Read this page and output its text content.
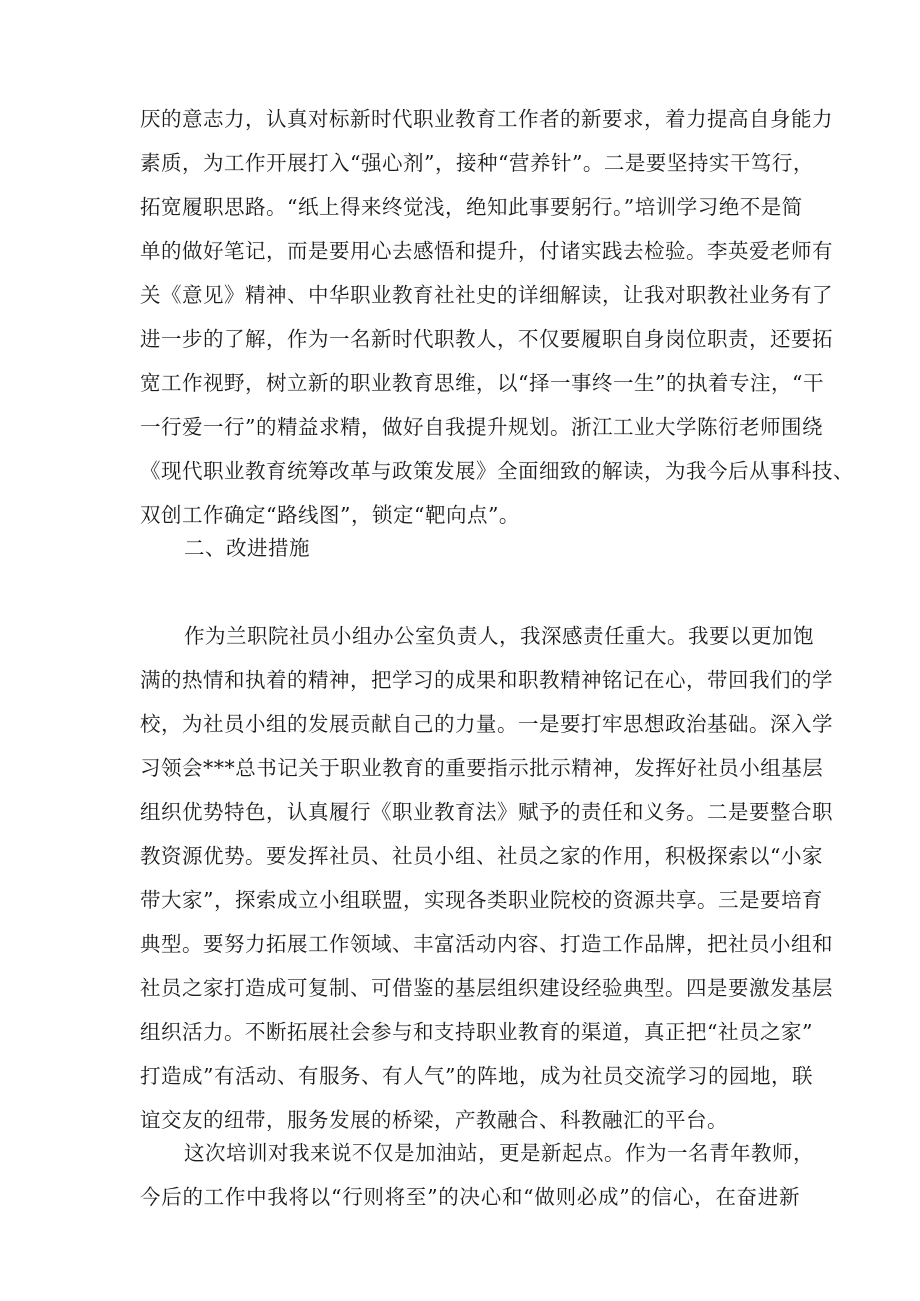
厌的意志力，认真对标新时代职业教育工作者的新要求，着力提高自身能力
素质，为工作开展打入“强心剂”，接种“营养针”。二是要坚持实干笃行，
拓宽履职思路。“纸上得来终觉浅，绝知此事要躬行。”培训学习绝不是简
单的做好笔记，而是要用心去感悟和提升，付诸实践去检验。李英爱老师有
关《意见》精神、中华职业教育社社史的详细解读，让我对职教社业务有了
进一步的了解，作为一名新时代职教人，不仅要履职自身岗位职责，还要拓
宽工作视野，树立新的职业教育思维，以“择一事终一生”的执着专注，“干
一行爱一行”的精益求精，做好自我提升规划。浙江工业大学陈衍老师围绕
《现代职业教育统筹改革与政策发展》全面细致的解读，为我今后从事科技、
双创工作确定“路线图”，锁定“靶向点”。
二、改进措施
作为兰职院社员小组办公室负责人，我深感责任重大。我要以更加饱
满的热情和执着的精神，把学习的成果和职教精神铭记在心，带回我们的学
校，为社员小组的发展贡献自己的力量。一是要打牢思想政治基础。深入学
习领会***总书记关于职业教育的重要指示批示精神，发挥好社员小组基层
组织优势特色，认真履行《职业教育法》赋予的责任和义务。二是要整合职
教资源优势。要发挥社员、社员小组、社员之家的作用，积极探索以“小家
带大家”，探索成立小组联盟，实现各类职业院校的资源共享。三是要培育
典型。要努力拓展工作领域、丰富活动内容、打造工作品牌，把社员小组和
社员之家打造成可复制、可借鉴的基层组织建设经验典型。四是要激发基层
组织活力。不断拓展社会参与和支持职业教育的渠道，真正把“社员之家”
打造成”有活动、有服务、有人气”的阵地，成为社员交流学习的园地，联
谊交友的纽带，服务发展的桥梁，产教融合、科教融汇的平台。
这次培训对我来说不仅是加油站，更是新起点。作为一名青年教师，
今后的工作中我将以“行则将至”的决心和“做则必成”的信心，在奋进新
